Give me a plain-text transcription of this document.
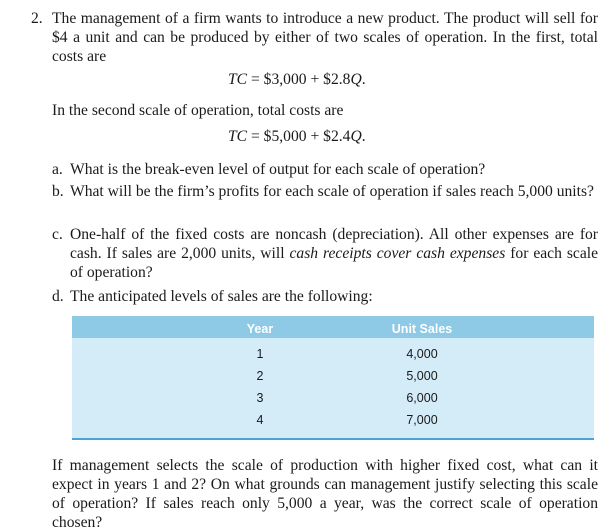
2. The management of a firm wants to introduce a new product. The product will sell for $4 a unit and can be produced by either of two scales of operation. In the first, total costs are
TC = $3,000 + $2.8Q.
In the second scale of operation, total costs are
TC = $5,000 + $2.4Q.
a. What is the break-even level of output for each scale of operation?
b. What will be the firm’s profits for each scale of operation if sales reach 5,000 units?
c. One-half of the fixed costs are noncash (depreciation). All other expenses are for cash. If sales are 2,000 units, will cash receipts cover cash expenses for each scale of operation?
d. The anticipated levels of sales are the following:
Year	Unit Sales
1	4,000
2	5,000
3	6,000
4	7,000
If management selects the scale of production with higher fixed cost, what can it expect in years 1 and 2? On what grounds can management justify selecting this scale of operation? If sales reach only 5,000 a year, was the correct scale of operation chosen?
